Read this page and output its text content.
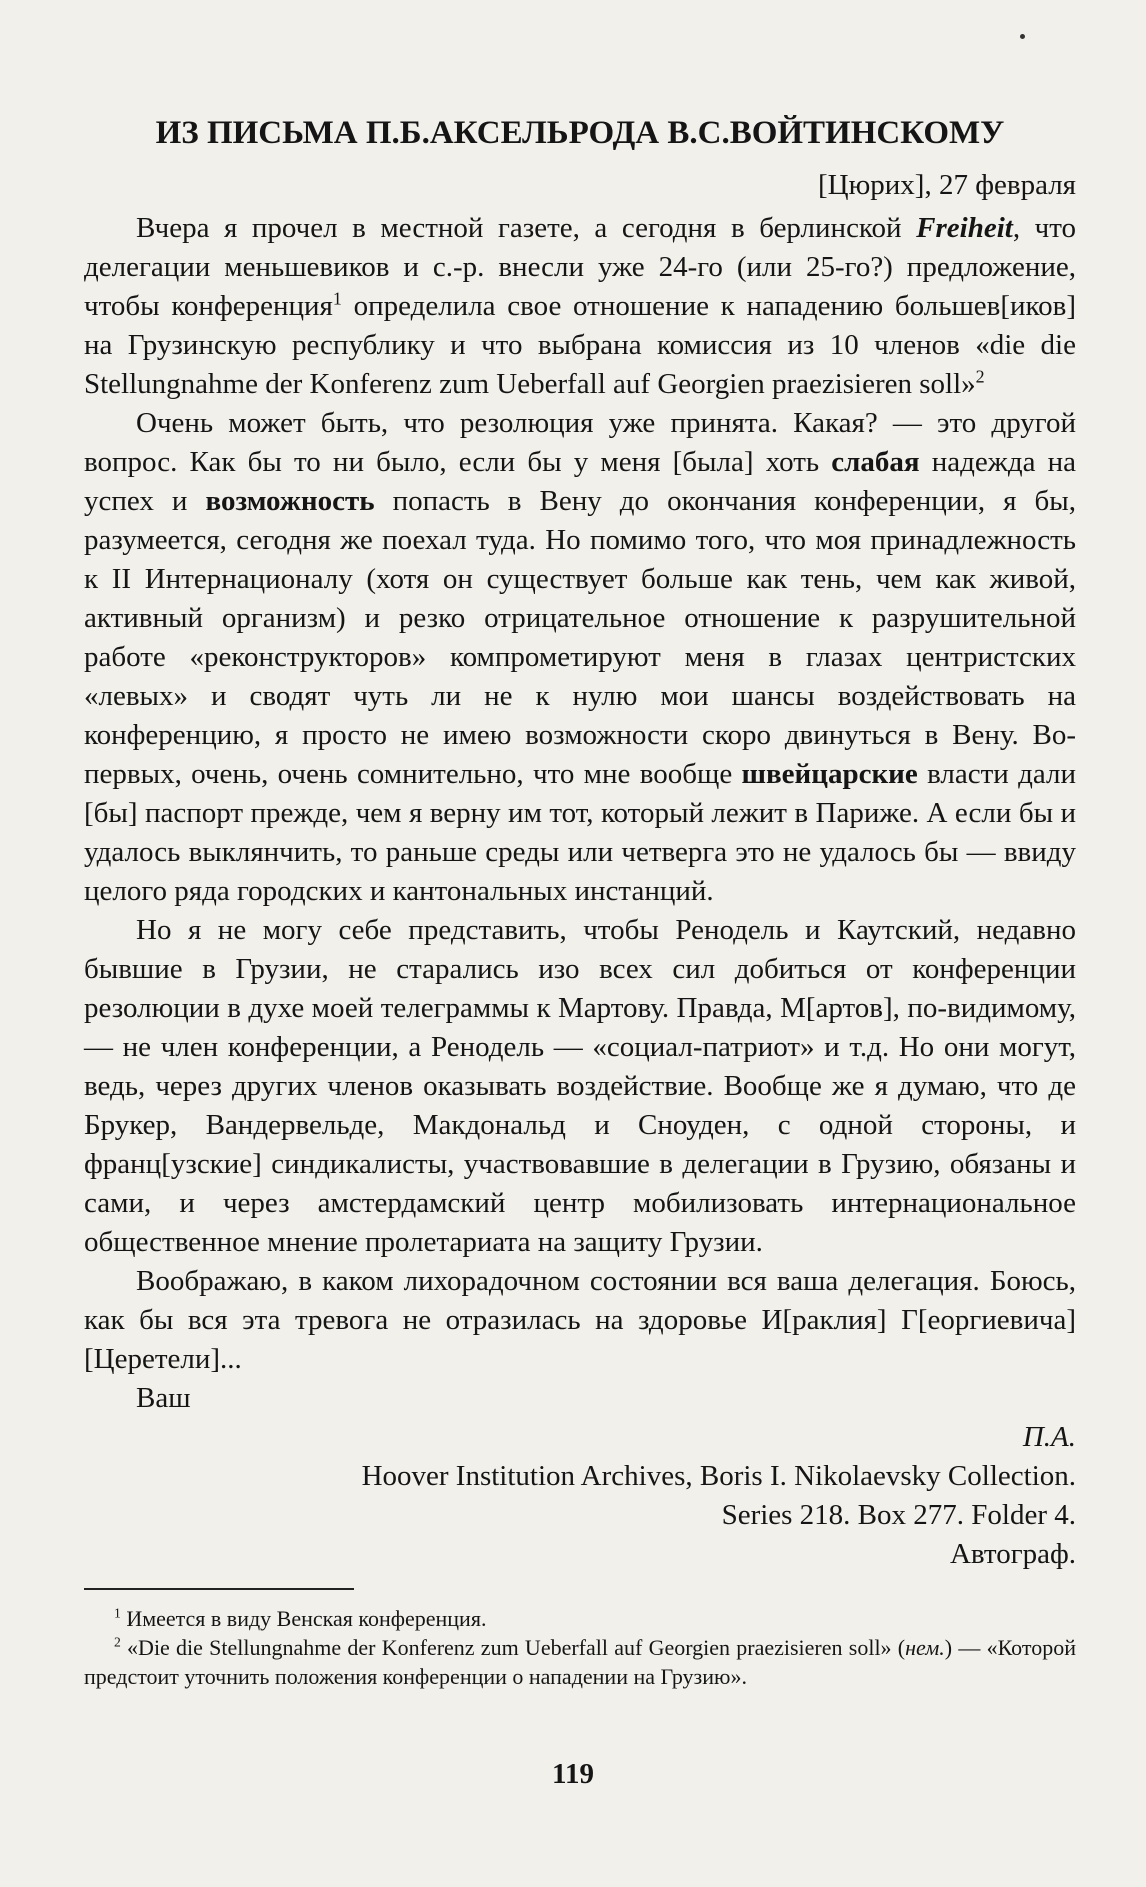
ИЗ ПИСЬМА П.Б.АКСЕЛЬРОДА В.С.ВОЙТИНСКОМУ
[Цюрих], 27 февраля

Вчера я прочел в местной газете, а сегодня в берлинской Freiheit, что делегации меньшевиков и с.-р. внесли уже 24-го (или 25-го?) предложение, чтобы конференция$^1$ определила свое отношение к нападению большев[иков] на Грузинскую республику и что выбрана комиссия из 10 членов «die die Stellungnahme der Konferenz zum Ueberfall auf Georgien praezisieren soll»$^2$

Очень может быть, что резолюция уже принята. Какая? — это другой вопрос. Как бы то ни было, если бы у меня [была] хоть слабая надежда на успех и возможность попасть в Вену до окончания конференции, я бы, разумеется, сегодня же поехал туда. Но помимо того, что моя принадлежность к II Интернационалу (хотя он существует больше как тень, чем как живой, активный организм) и резко отрицательное отношение к разрушительной работе «реконструкторов» компрометируют меня в глазах центристских «левых» и сводят чуть ли не к нулю мои шансы воздействовать на конференцию, я просто не имею возможности скоро двинуться в Вену. Во-первых, очень, очень сомнительно, что мне вообще швейцарские власти дали [бы] паспорт прежде, чем я верну им тот, который лежит в Париже. А если бы и удалось выклянчить, то раньше среды или четверга это не удалось бы — ввиду целого ряда городских и кантональных инстанций.

Но я не могу себе представить, чтобы Ренодель и Каутский, недавно бывшие в Грузии, не старались изо всех сил добиться от конференции резолюции в духе моей телеграммы к Мартову. Правда, М[артов], по-видимому, — не член конференции, а Ренодель — «социал-патриот» и т.д. Но они могут, ведь, через других членов оказывать воздействие. Вообще же я думаю, что де Брукер, Вандервельде, Макдональд и Сноуден, с одной стороны, и франц[узские] синдикалисты, участвовавшие в делегации в Грузию, обязаны и сами, и через амстердамский центр мобилизовать интернациональное общественное мнение пролетариата на защиту Грузии.

Воображаю, в каком лихорадочном состоянии вся ваша делегация. Боюсь, как бы вся эта тревога не отразилась на здоровье И[раклия] Г[еоргиевича] [Церетели]...

Ваш
П.А.
Hoover Institution Archives, Boris I. Nikolaevsky Collection.
Series 218. Box 277. Folder 4.
Автограф.
$^1$ Имеется в виду Венская конференция.
$^2$ «Die die Stellungnahme der Konferenz zum Ueberfall auf Georgien praezisieren soll» (нем.) — «Которой предстоит уточнить положения конференции о нападении на Грузию».
119
